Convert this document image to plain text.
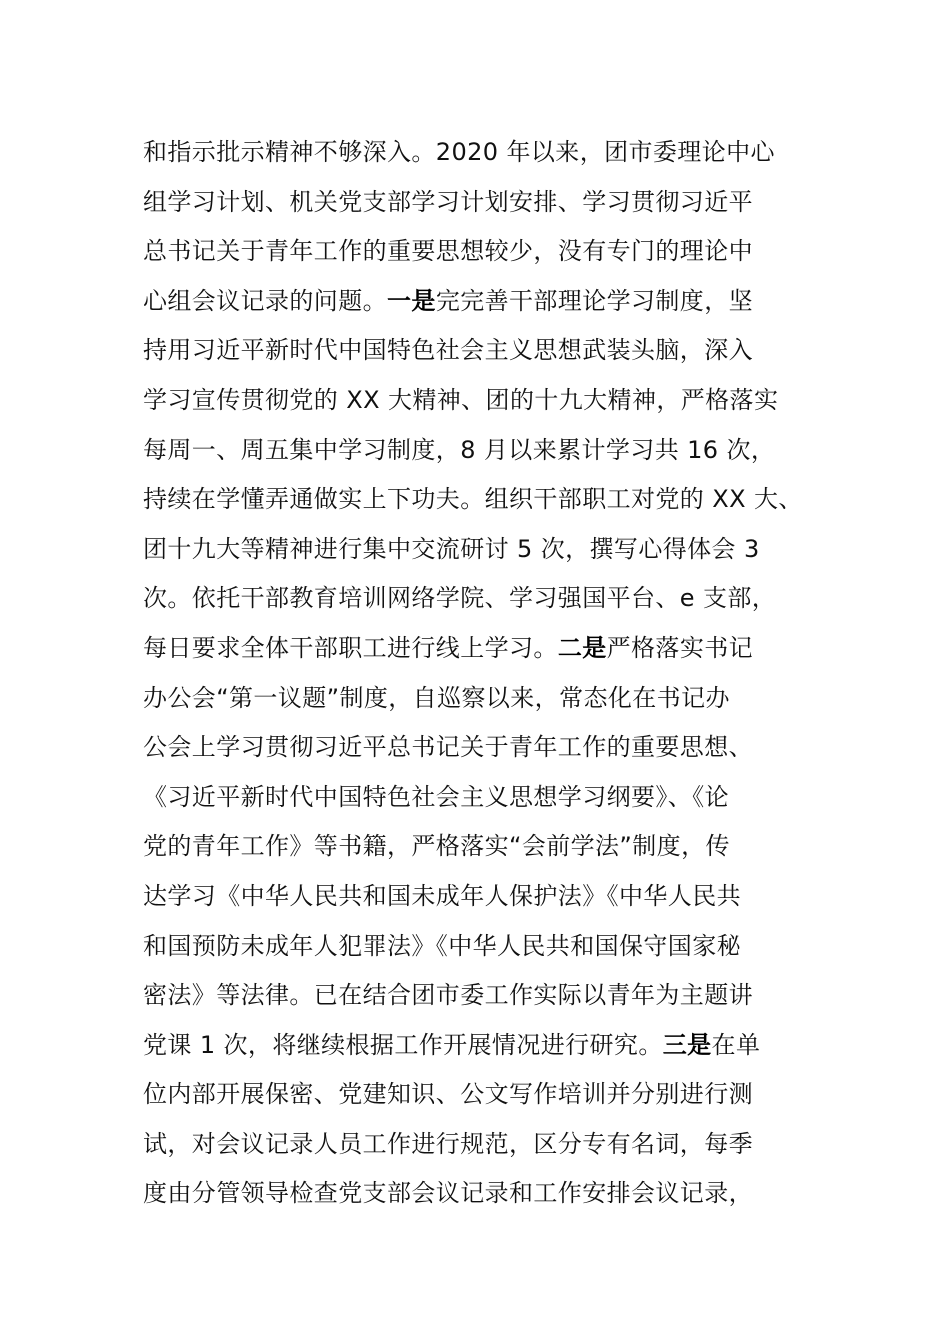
和指示批示精神不够深入。2020 年以来，团市委理论中心
组学习计划、机关党支部学习计划安排、学习贯彻习近平
总书记关于青年工作的重要思想较少，没有专门的理论中
心组会议记录的问题。一是完完善干部理论学习制度，坚
持用习近平新时代中国特色社会主义思想武装头脑，深入
学习宣传贯彻党的 XX 大精神、团的十九大精神，严格落实
每周一、周五集中学习制度，8 月以来累计学习共 16 次，
持续在学懂弄通做实上下功夫。组织干部职工对党的 XX 大、
团十九大等精神进行集中交流研讨 5 次，撰写心得体会 3
次。依托干部教育培训网络学院、学习强国平台、e 支部，
每日要求全体干部职工进行线上学习。二是严格落实书记
办公会“第一议题”制度，自巡察以来，常态化在书记办
公会上学习贯彻习近平总书记关于青年工作的重要思想、
《习近平新时代中国特色社会主义思想学习纲要》、《论
党的青年工作》等书籍，严格落实“会前学法”制度，传
达学习《中华人民共和国未成年人保护法》《中华人民共
和国预防未成年人犯罪法》《中华人民共和国保守国家秘
密法》等法律。已在结合团市委工作实际以青年为主题讲
党课 1 次，将继续根据工作开展情况进行研究。三是在单
位内部开展保密、党建知识、公文写作培训并分别进行测
试，对会议记录人员工作进行规范，区分专有名词，每季
度由分管领导检查党支部会议记录和工作安排会议记录，
